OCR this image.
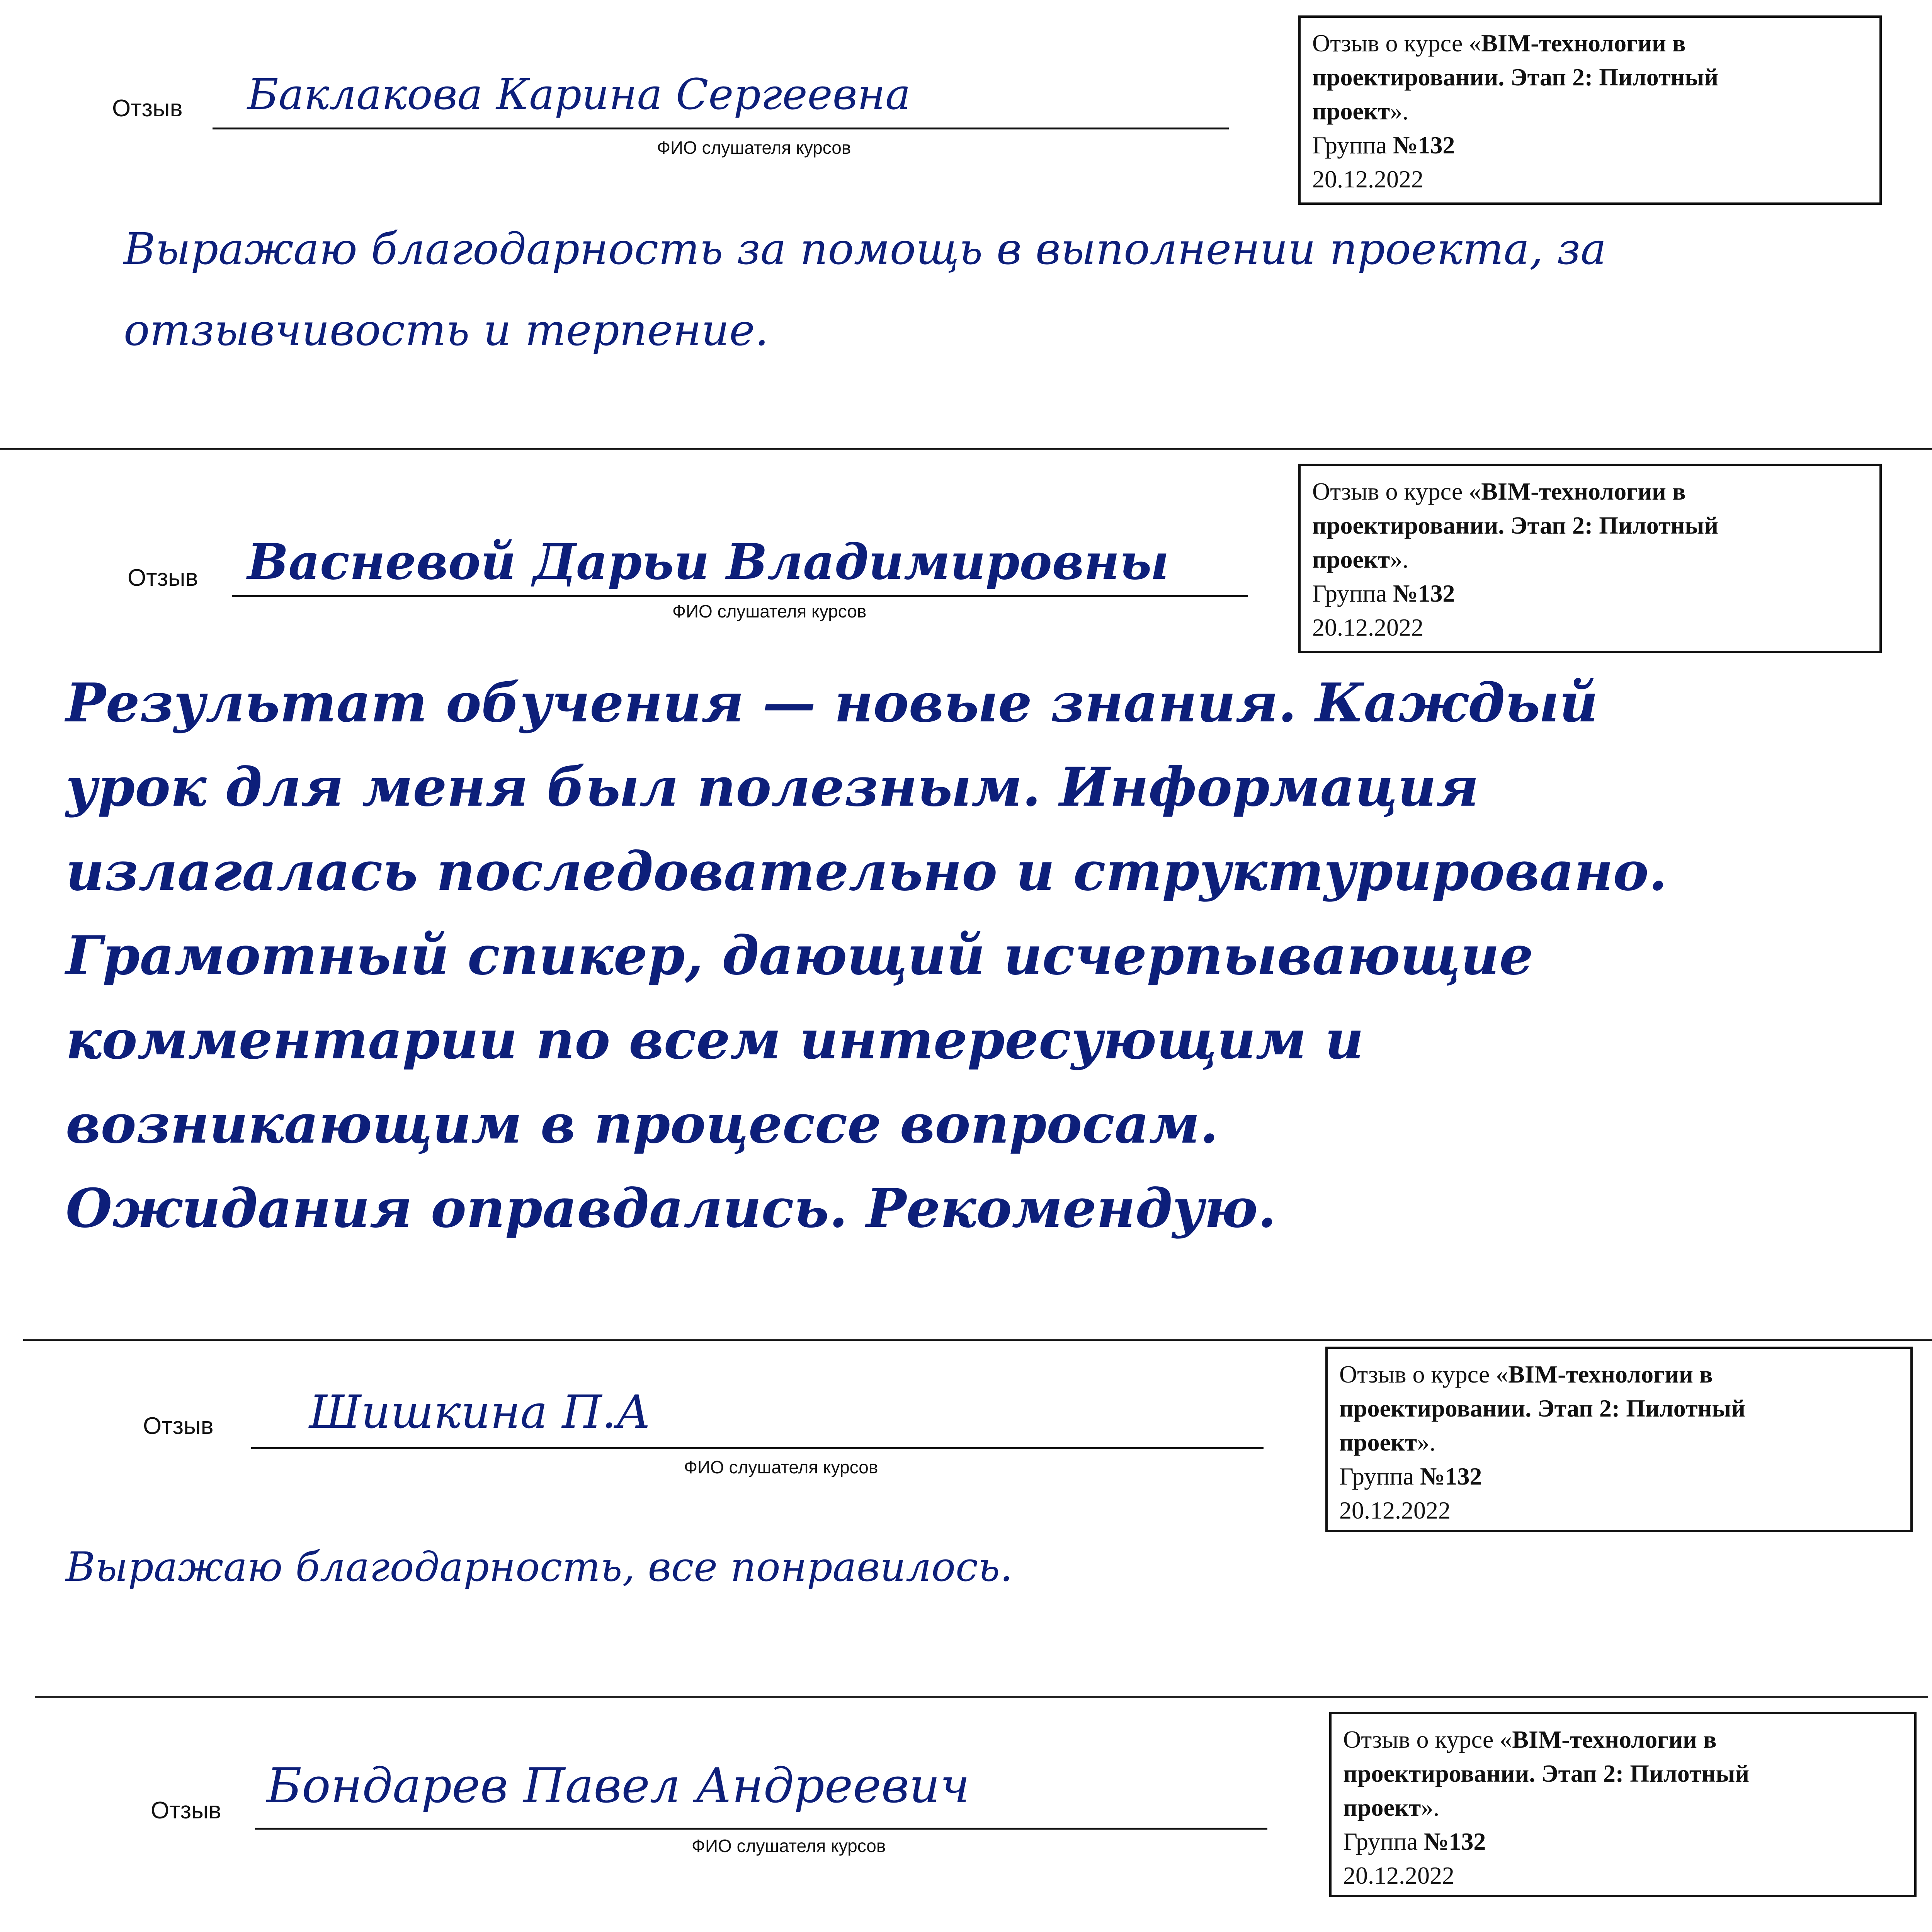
Отзыв Баклакова Карина Сергеевна
ФИО слушателя курсов
Отзыв о курсе «BIM-технологии в
проектировании. Этап 2: Пилотный
проект».
Группа №132
20.12.2022
Выражаю благодарность за помощь в выполнении проекта, за
отзывчивость и терпение.
Отзыв Васневой Дарьи Владимировны
ФИО слушателя курсов
Отзыв о курсе «BIM-технологии в
проектировании. Этап 2: Пилотный
проект».
Группа №132
20.12.2022
Результат обучения — новые знания. Каждый
урок для меня был полезным. Информация
излагалась последовательно и структурировано.
Грамотный спикер, дающий исчерпывающие
комментарии по всем интересующим и
возникающим в процессе вопросам.
Ожидания оправдались. Рекомендую.
Отзыв Шишкина П.А
ФИО слушателя курсов
Отзыв о курсе «BIM-технологии в
проектировании. Этап 2: Пилотный
проект».
Группа №132
20.12.2022
Выражаю благодарность, все понравилось.
Отзыв Бондарев Павел Андреевич
ФИО слушателя курсов
Отзыв о курсе «BIM-технологии в
проектировании. Этап 2: Пилотный
проект».
Группа №132
20.12.2022
